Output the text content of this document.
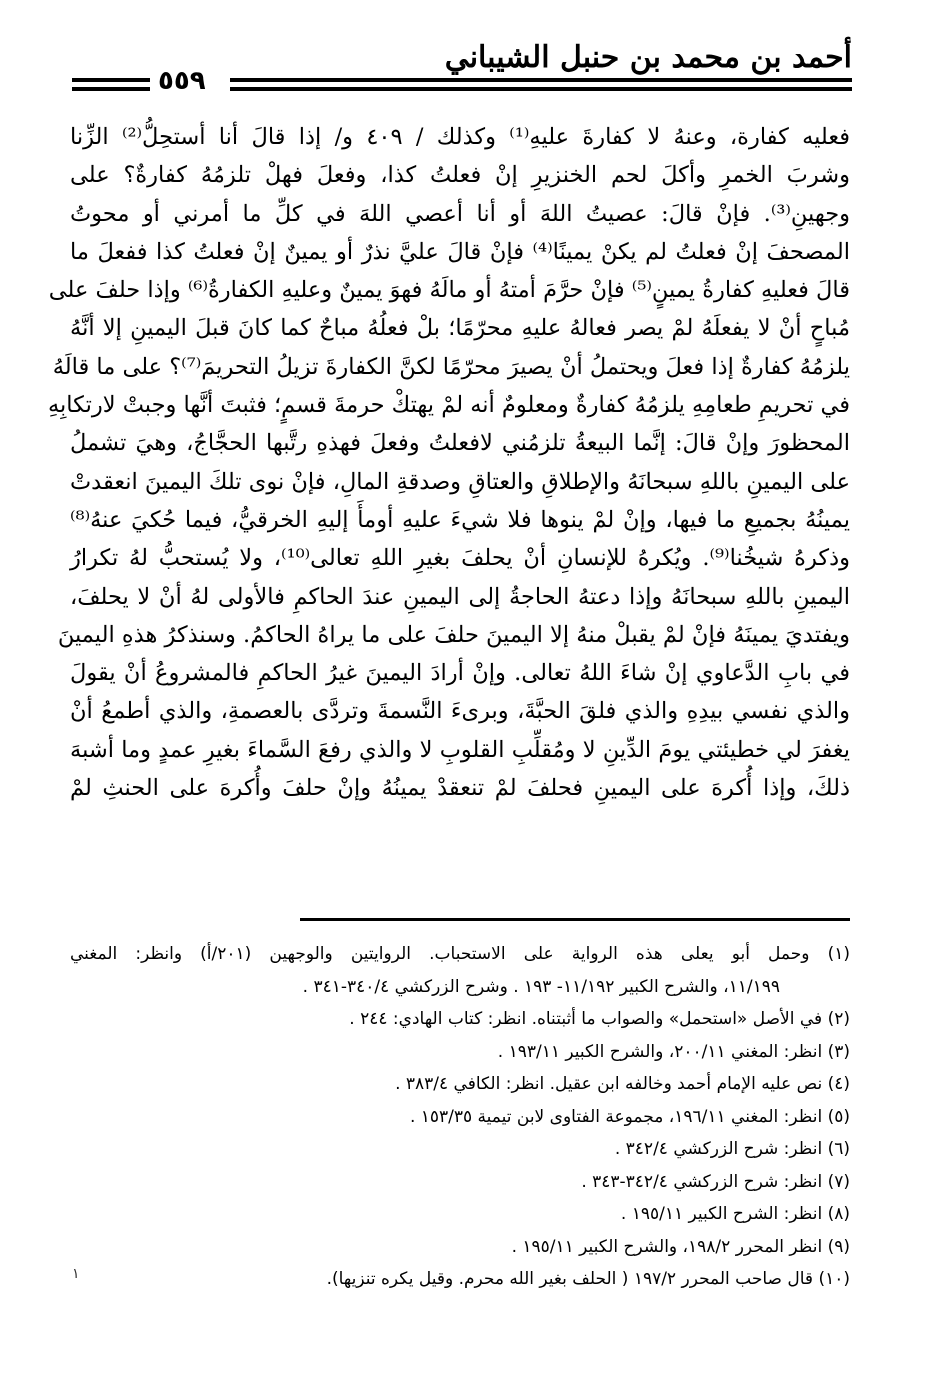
أحمد بن محمد بن حنبل الشيباني
٥٥٩
فعليه كفارة، وعنهُ لا كفارةَ عليهِ⁽¹⁾ وكذلك / ٤٠٩ و/ إذا قالَ أنا أستحِلُّ⁽²⁾ الزِّنا
وشربَ الخمرِ وأكلَ لحم الخنزيرِ إنْ فعلتُ كذا، وفعلَ فهلْ تلزمُهُ كفارةٌ؟ على
وجهينِ⁽³⁾. فإنْ قالَ: عصيتُ اللهَ أو أنا أعصي اللهَ في كلِّ ما أمرني أو محوتُ
المصحفَ إنْ فعلتُ لم يكنْ يمينًا⁽⁴⁾ فإنْ قالَ عليَّ نذرٌ أو يمينٌ إنْ فعلتُ كذا ففعلَ ما
قالَ فعليهِ كفارةُ يمينٍ⁽⁵⁾ فإنْ حرَّمَ أمتهُ أو مالَهُ فهوَ يمينٌ وعليهِ الكفارةُ⁽⁶⁾ وإذا حلفَ على
مُباحٍ أنْ لا يفعلَهُ لمْ يصر فعالهُ عليهِ محرّمًا؛ بلْ فعلُهُ مباحٌ كما كانَ قبلَ اليمينِ إلا أنَّهُ
يلزمُهُ كفارةٌ إذا فعلَ ويحتملُ أنْ يصيرَ محرّمًا لكنَّ الكفارةَ تزيلُ التحريمَ⁽⁷⁾؟ على ما قالَهُ
في تحريمِ طعامِهِ يلزمُهُ كفارةٌ ومعلومٌ أنه لمْ يهتكْ حرمةَ قسمٍ؛ فثبتَ أنَّها وجبتْ لارتكابِهِ
المحظورَ وإنْ قالَ: إنَّما البيعةُ تلزمُني لافعلتُ وفعلَ فهذهِ رتَّبها الحجَّاجُ، وهيَ تشملُ
على اليمينِ باللهِ سبحانَهُ والإطلاقِ والعتاقِ وصدقةِ المالِ، فإنْ نوى تلكَ اليمينَ انعقدتْ
يمينُهُ بجميعِ ما فيها، وإنْ لمْ ينوها فلا شيءَ عليهِ أومأَ إليهِ الخرقيُّ، فيما حُكيَ عنهُ⁽⁸⁾
وذكرهُ شيخُنا⁽⁹⁾. ويُكرهُ للإنسانِ أنْ يحلفَ بغيرِ اللهِ تعالى⁽¹⁰⁾، ولا يُستحبُّ لهُ تكرارُ
اليمينِ باللهِ سبحانَهُ وإذا دعتهُ الحاجةُ إلى اليمينِ عندَ الحاكمِ فالأولى لهُ أنْ لا يحلفَ،
ويفتديَ يمينَهُ فإنْ لمْ يقبلْ منهُ إلا اليمينَ حلفَ على ما يراهُ الحاكمُ. وسنذكرُ هذهِ اليمينَ
في بابِ الدَّعاوي إنْ شاءَ اللهُ تعالى. وإنْ أرادَ اليمينَ غيرُ الحاكمِ فالمشروعُ أنْ يقولَ
والذي نفسي بيدِهِ والذي فلقَ الحبَّةَ، وبرىءَ النَّسمةَ وتردَّى بالعصمةِ، والذي أطمعُ أنْ
يغفرَ لي خطيئتي يومَ الدِّينِ لا ومُقلِّبِ القلوبِ لا والذي رفعَ السَّماءَ بغيرِ عمدٍ وما أشبهَ
ذلكَ، وإذا أُكرهَ على اليمينِ فحلفَ لمْ تنعقدْ يمينُهُ وإنْ حلفَ وأُكرهَ على الحنثِ لمْ
(١) وحمل أبو يعلى هذه الرواية على الاستحباب. الروايتين والوجهين (٢٠١/أ) وانظر: المغني
١١/١٩٩، والشرح الكبير ١١/١٩٢- ١٩٣ . وشرح الزركشي ٣٤٠/٤-٣٤١ .
(٢) في الأصل «استحمل» والصواب ما أثبتناه. انظر: كتاب الهادي: ٢٤٤ .
(٣) انظر: المغني ٢٠٠/١١، والشرح الكبير ١٩٣/١١ .
(٤) نص عليه الإمام أحمد وخالفه ابن عقيل. انظر: الكافي ٣٨٣/٤ .
(٥) انظر: المغني ١٩٦/١١، مجموعة الفتاوى لابن تيمية ١٥٣/٣٥ .
(٦) انظر: شرح الزركشي ٣٤٢/٤ .
(٧) انظر: شرح الزركشي ٣٤٢/٤-٣٤٣ .
(٨) انظر: الشرح الكبير ١٩٥/١١ .
(٩) انظر المحرر ١٩٨/٢، والشرح الكبير ١٩٥/١١ .
(١٠) قال صاحب المحرر ١٩٧/٢ ( الحلف بغير الله محرم. وقيل يكره تنزيها).
١
